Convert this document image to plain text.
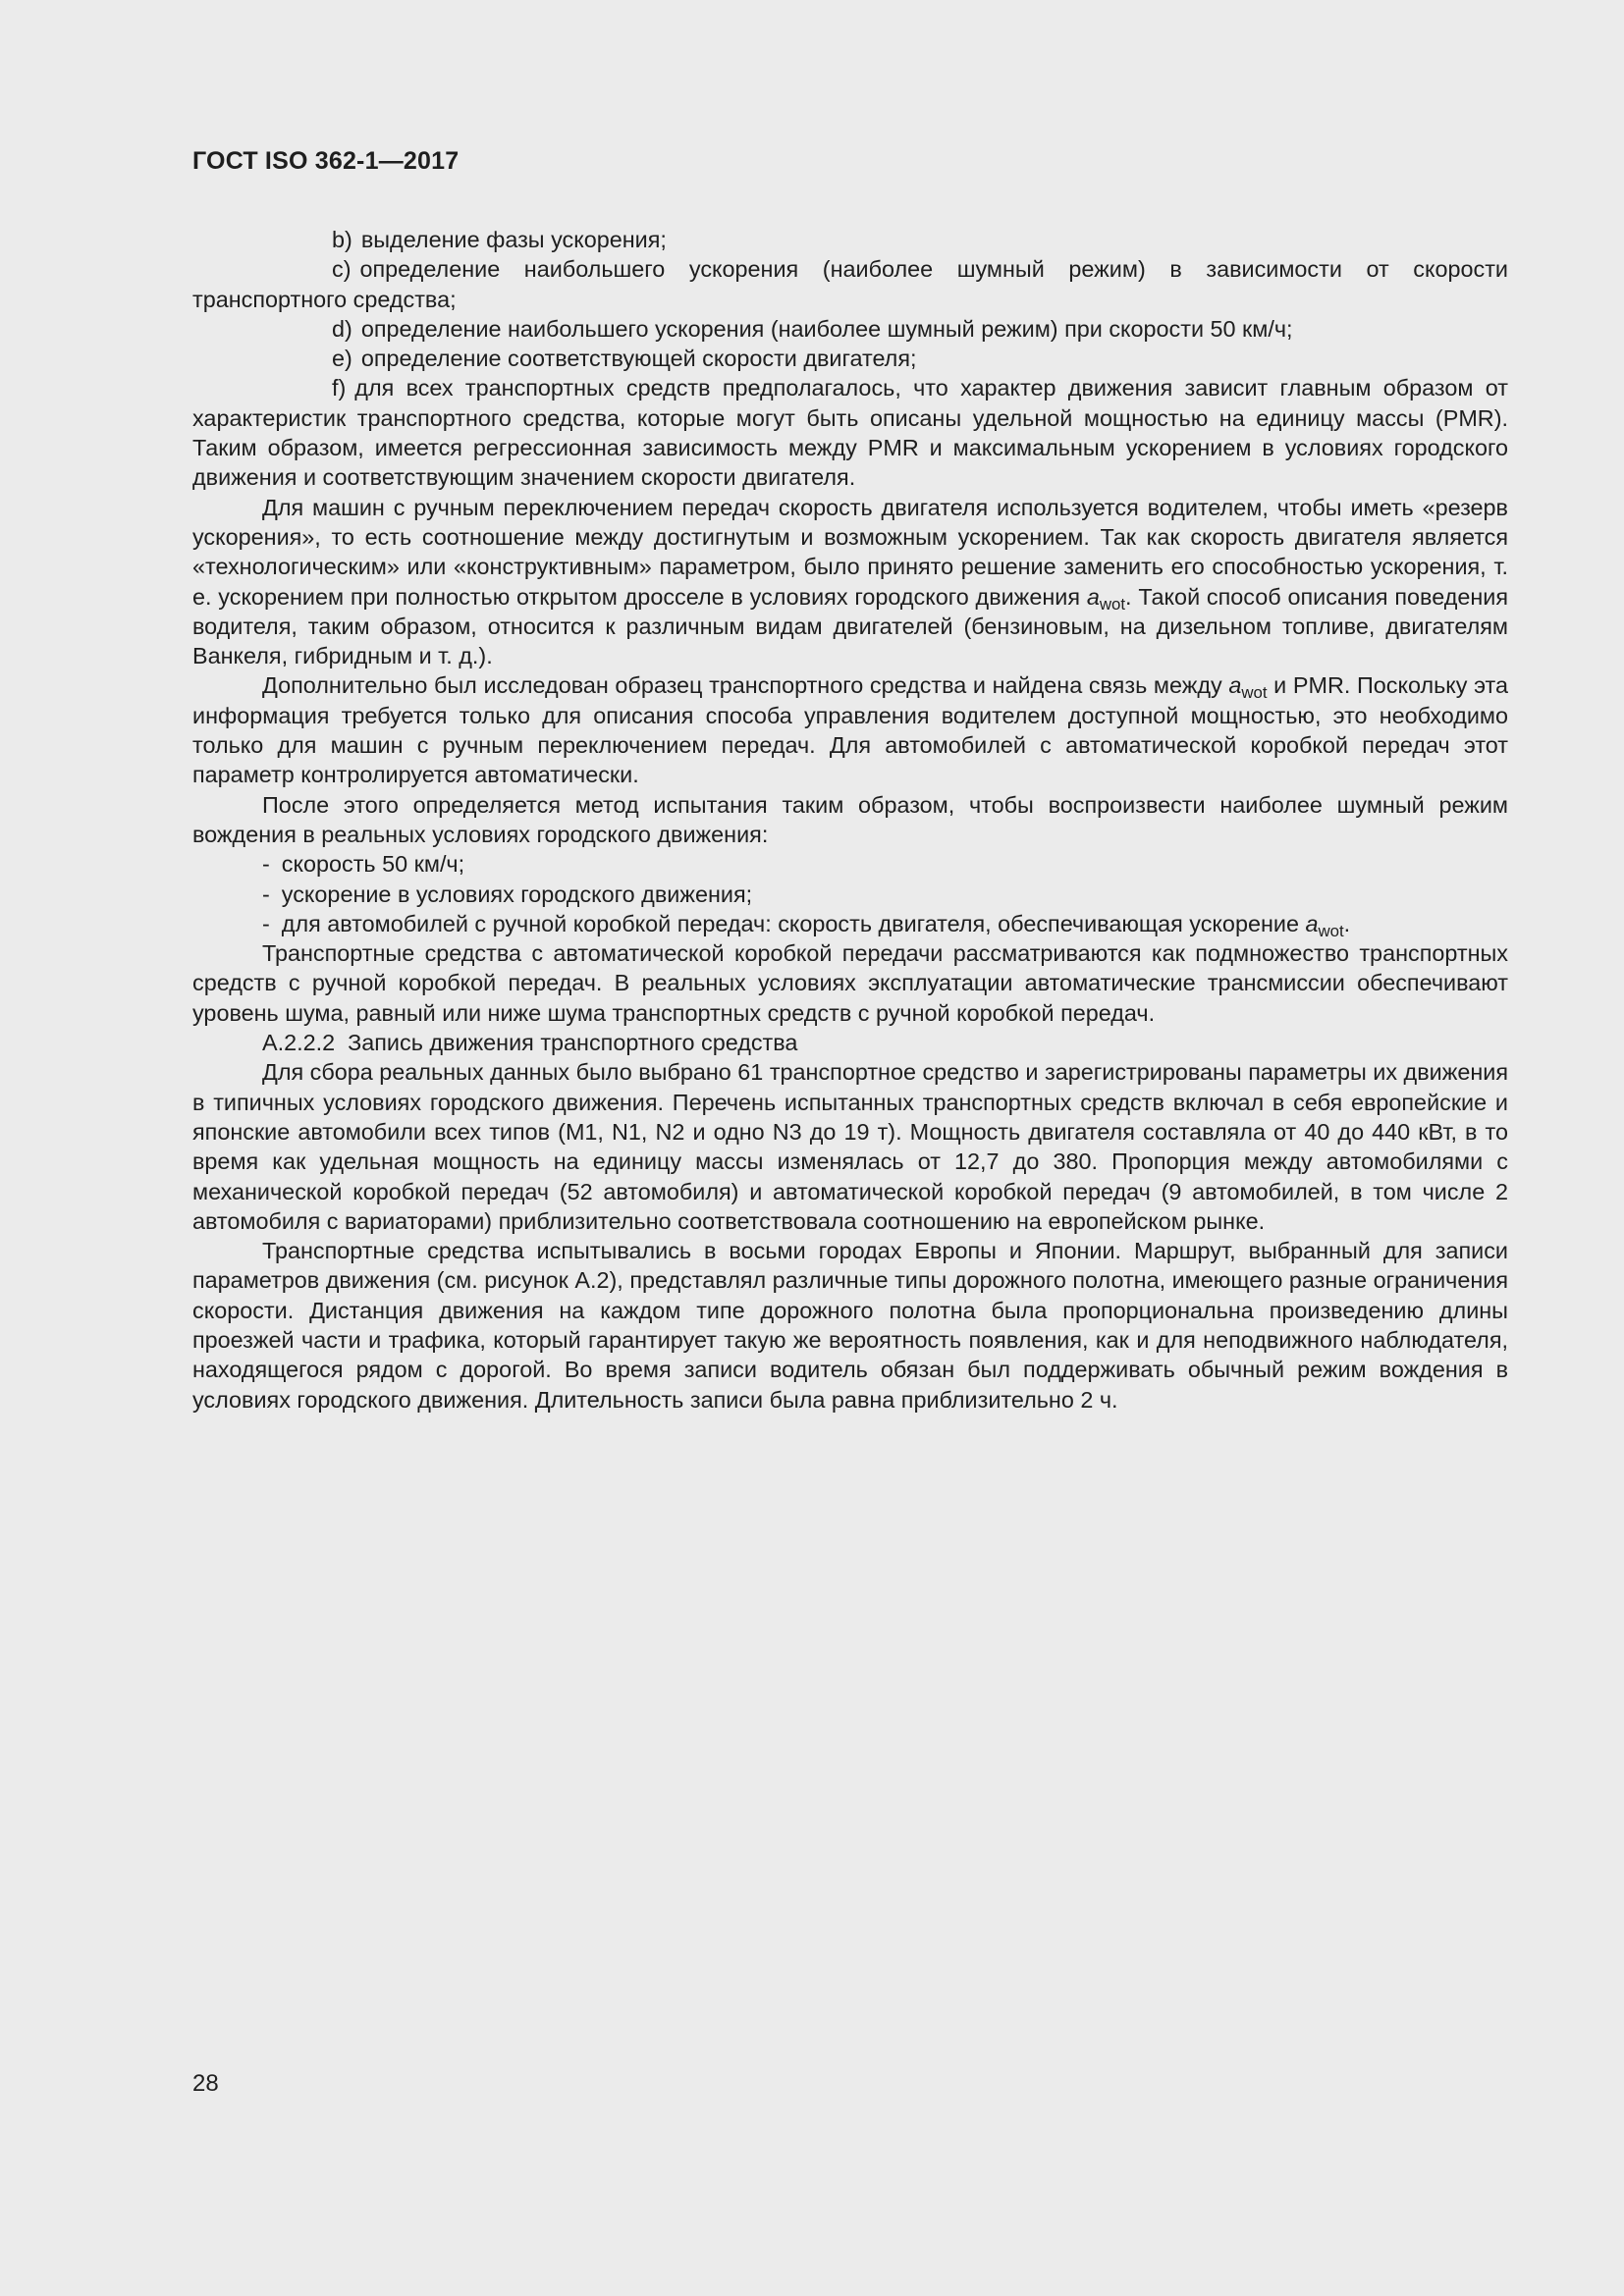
ГОСТ ISO 362-1—2017

b) выделение фазы ускорения;

c) определение наибольшего ускорения (наиболее шумный режим) в зависимости от скорости транспортного средства;

d) определение наибольшего ускорения (наиболее шумный режим) при скорости 50 км/ч;

e) определение соответствующей скорости двигателя;

f) для всех транспортных средств предполагалось, что характер движения зависит главным образом от характеристик транспортного средства, которые могут быть описаны удельной мощностью на единицу массы (PMR). Таким образом, имеется регрессионная зависимость между PMR и максимальным ускорением в условиях городского движения и соответствующим значением скорости двигателя.

Для машин с ручным переключением передач скорость двигателя используется водителем, чтобы иметь «резерв ускорения», то есть соотношение между достигнутым и возможным ускорением. Так как скорость двигателя является «технологическим» или «конструктивным» параметром, было принято решение заменить его способностью ускорения, т. е. ускорением при полностью открытом дросселе в условиях городского движения $a_{wot}$. Такой способ описания поведения водителя, таким образом, относится к различным видам двигателей (бензиновым, на дизельном топливе, двигателям Ванкеля, гибридным и т. д.).

Дополнительно был исследован образец транспортного средства и найдена связь между $a_{wot}$ и PMR. Поскольку эта информация требуется только для описания способа управления водителем доступной мощностью, это необходимо только для машин с ручным переключением передач. Для автомобилей с автоматической коробкой передач этот параметр контролируется автоматически.

После этого определяется метод испытания таким образом, чтобы воспроизвести наиболее шумный режим вождения в реальных условиях городского движения:

- скорость 50 км/ч;

- ускорение в условиях городского движения;

- для автомобилей с ручной коробкой передач: скорость двигателя, обеспечивающая ускорение $a_{wot}$.

Транспортные средства с автоматической коробкой передачи рассматриваются как подмножество транспортных средств с ручной коробкой передач. В реальных условиях эксплуатации автоматические трансмиссии обеспечивают уровень шума, равный или ниже шума транспортных средств с ручной коробкой передач.

A.2.2.2 Запись движения транспортного средства

Для сбора реальных данных было выбрано 61 транспортное средство и зарегистрированы параметры их движения в типичных условиях городского движения. Перечень испытанных транспортных средств включал в себя европейские и японские автомобили всех типов (M1, N1, N2 и одно N3 до 19 т). Мощность двигателя составляла от 40 до 440 кВт, в то время как удельная мощность на единицу массы изменялась от 12,7 до 380. Пропорция между автомобилями с механической коробкой передач (52 автомобиля) и автоматической коробкой передач (9 автомобилей, в том числе 2 автомобиля с вариаторами) приблизительно соответствовала соотношению на европейском рынке.

Транспортные средства испытывались в восьми городах Европы и Японии. Маршрут, выбранный для записи параметров движения (см. рисунок A.2), представлял различные типы дорожного полотна, имеющего разные ограничения скорости. Дистанция движения на каждом типе дорожного полотна была пропорциональна произведению длины проезжей части и трафика, который гарантирует такую же вероятность появления, как и для неподвижного наблюдателя, находящегося рядом с дорогой. Во время записи водитель обязан был поддерживать обычный режим вождения в условиях городского движения. Длительность записи была равна приблизительно 2 ч.

28
